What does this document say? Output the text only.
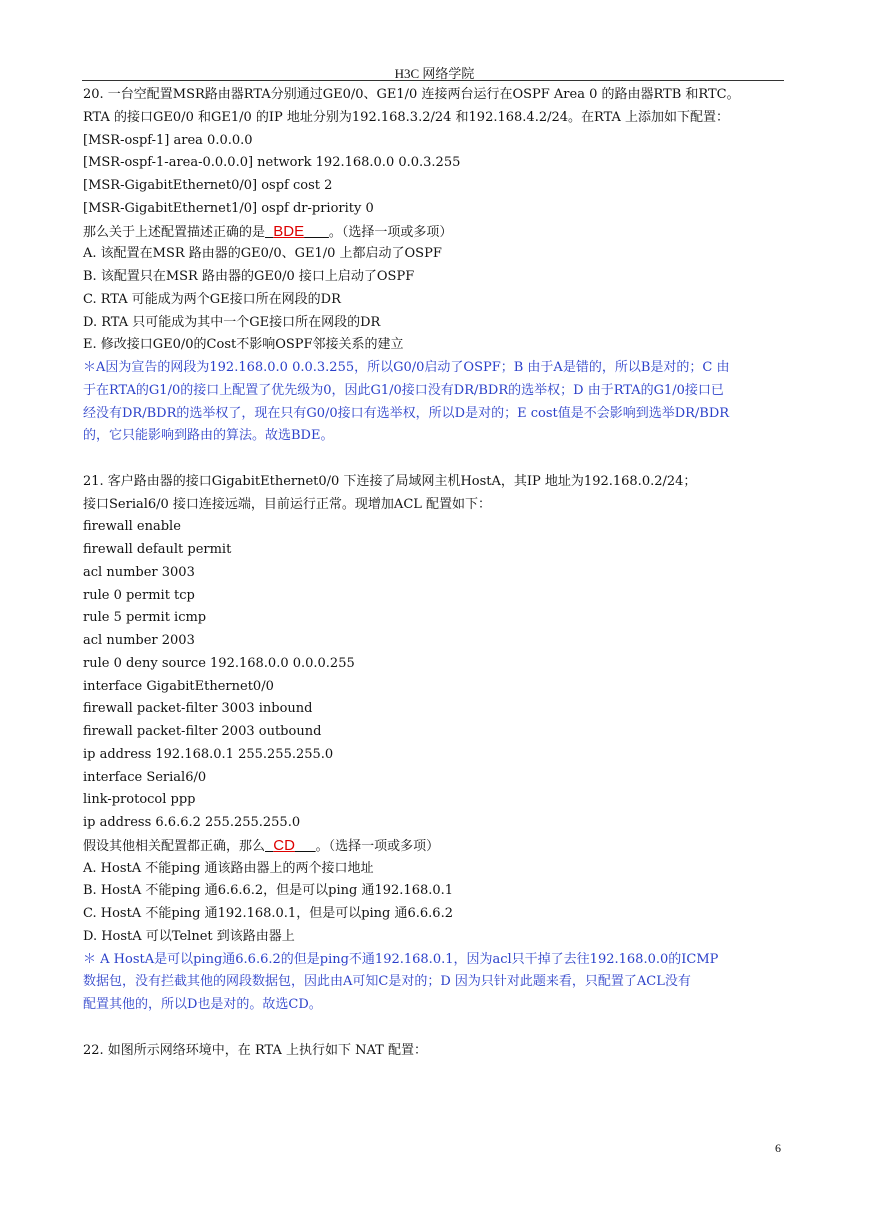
H3C 网络学院
20. 一台空配置MSR路由器RTA分别通过GE0/0、GE1/0 连接两台运行在OSPF Area 0 的路由器RTB 和RTC。
RTA 的接口GE0/0 和GE1/0 的IP 地址分别为192.168.3.2/24 和192.168.4.2/24。在RTA 上添加如下配置：
[MSR-ospf-1] area 0.0.0.0
[MSR-ospf-1-area-0.0.0.0] network 192.168.0.0 0.0.3.255
[MSR-GigabitEthernet0/0] ospf cost 2
[MSR-GigabitEthernet1/0] ospf dr-priority 0
那么关于上述配置描述正确的是 BDE 。（选择一项或多项）
A. 该配置在MSR 路由器的GE0/0、GE1/0 上都启动了OSPF
B. 该配置只在MSR 路由器的GE0/0 接口上启动了OSPF
C. RTA 可能成为两个GE接口所在网段的DR
D. RTA 只可能成为其中一个GE接口所在网段的DR
E. 修改接口GE0/0的Cost不影响OSPF邻接关系的建立
＊A因为宣告的网段为192.168.0.0 0.0.3.255，所以G0/0启动了OSPF；B 由于A是错的，所以B是对的；C 由
于在RTA的G1/0的接口上配置了优先级为0，因此G1/0接口没有DR/BDR的选举权；D 由于RTA的G1/0接口已
经没有DR/BDR的选举权了，现在只有G0/0接口有选举权，所以D是对的；E cost值是不会影响到选举DR/BDR
的，它只能影响到路由的算法。故选BDE。
21. 客户路由器的接口GigabitEthernet0/0 下连接了局域网主机HostA，其IP 地址为192.168.0.2/24；
接口Serial6/0 接口连接远端，目前运行正常。现增加ACL 配置如下：
firewall enable
firewall default permit
acl number 3003
rule 0 permit tcp
rule 5 permit icmp
acl number 2003
rule 0 deny source 192.168.0.0 0.0.0.255
interface GigabitEthernet0/0
firewall packet-filter 3003 inbound
firewall packet-filter 2003 outbound
ip address 192.168.0.1 255.255.255.0
interface Serial6/0
link-protocol ppp
ip address 6.6.6.2 255.255.255.0
假设其他相关配置都正确，那么 CD 。（选择一项或多项）
A. HostA 不能ping 通该路由器上的两个接口地址
B. HostA 不能ping 通6.6.6.2，但是可以ping 通192.168.0.1
C. HostA 不能ping 通192.168.0.1，但是可以ping 通6.6.6.2
D. HostA 可以Telnet 到该路由器上
＊ A HostA是可以ping通6.6.6.2的但是ping不通192.168.0.1，因为acl只干掉了去往192.168.0.0的ICMP
数据包，没有拦截其他的网段数据包，因此由A可知C是对的；D 因为只针对此题来看，只配置了ACL没有
配置其他的，所以D也是对的。故选CD。
22. 如图所示网络环境中，在 RTA 上执行如下 NAT 配置：
6
